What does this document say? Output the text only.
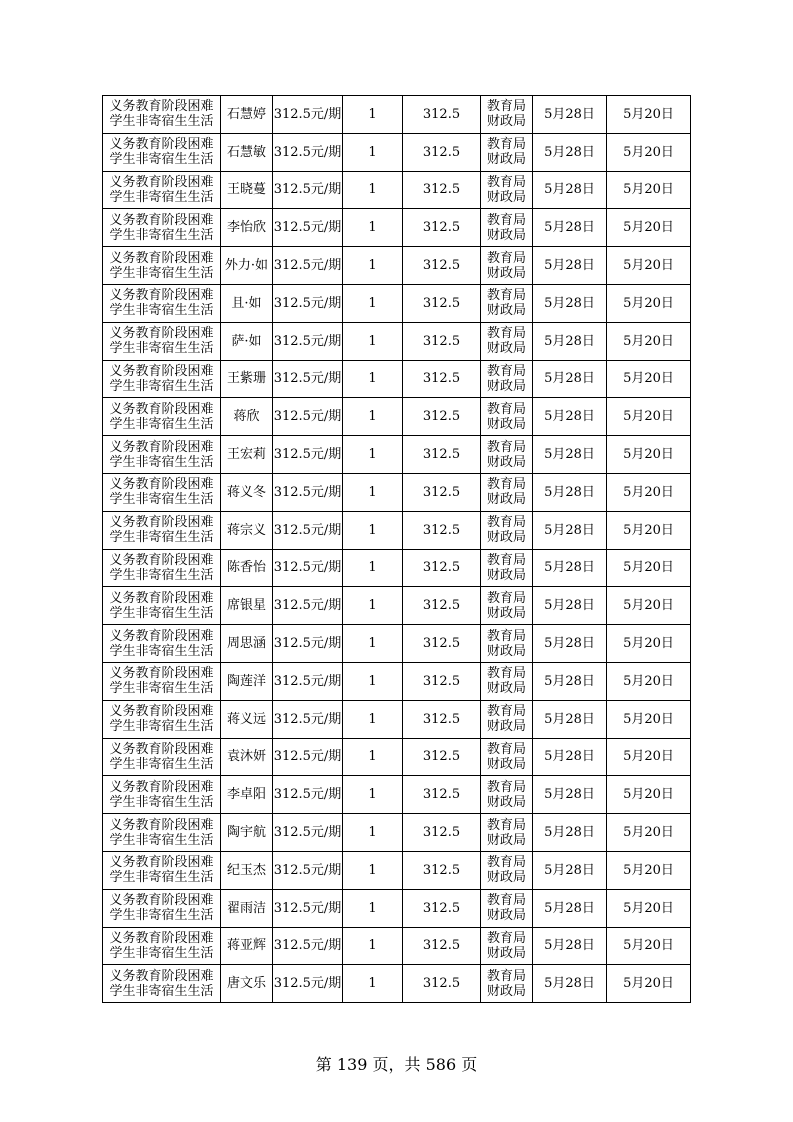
义务教育阶段困难
学生非寄宿生生活	石慧婷	312.5元/期	1	312.5	教育局
财政局	5月28日	5月20日

义务教育阶段困难
学生非寄宿生生活	石慧敏	312.5元/期	1	312.5	教育局
财政局	5月28日	5月20日

义务教育阶段困难
学生非寄宿生生活	王晓蔓	312.5元/期	1	312.5	教育局
财政局	5月28日	5月20日

义务教育阶段困难
学生非寄宿生生活	李怡欣	312.5元/期	1	312.5	教育局
财政局	5月28日	5月20日

义务教育阶段困难
学生非寄宿生生活	外力·如	312.5元/期	1	312.5	教育局
财政局	5月28日	5月20日

义务教育阶段困难
学生非寄宿生生活	且·如	312.5元/期	1	312.5	教育局
财政局	5月28日	5月20日

义务教育阶段困难
学生非寄宿生生活	萨·如	312.5元/期	1	312.5	教育局
财政局	5月28日	5月20日

义务教育阶段困难
学生非寄宿生生活	王紫珊	312.5元/期	1	312.5	教育局
财政局	5月28日	5月20日

义务教育阶段困难
学生非寄宿生生活	蒋欣	312.5元/期	1	312.5	教育局
财政局	5月28日	5月20日

义务教育阶段困难
学生非寄宿生生活	王宏莉	312.5元/期	1	312.5	教育局
财政局	5月28日	5月20日

义务教育阶段困难
学生非寄宿生生活	蒋义冬	312.5元/期	1	312.5	教育局
财政局	5月28日	5月20日

义务教育阶段困难
学生非寄宿生生活	蒋宗义	312.5元/期	1	312.5	教育局
财政局	5月28日	5月20日

义务教育阶段困难
学生非寄宿生生活	陈香怡	312.5元/期	1	312.5	教育局
财政局	5月28日	5月20日

义务教育阶段困难
学生非寄宿生生活	席银星	312.5元/期	1	312.5	教育局
财政局	5月28日	5月20日

义务教育阶段困难
学生非寄宿生生活	周思涵	312.5元/期	1	312.5	教育局
财政局	5月28日	5月20日

义务教育阶段困难
学生非寄宿生生活	陶莲洋	312.5元/期	1	312.5	教育局
财政局	5月28日	5月20日

义务教育阶段困难
学生非寄宿生生活	蒋义远	312.5元/期	1	312.5	教育局
财政局	5月28日	5月20日

义务教育阶段困难
学生非寄宿生生活	袁沐妍	312.5元/期	1	312.5	教育局
财政局	5月28日	5月20日

义务教育阶段困难
学生非寄宿生生活	李卓阳	312.5元/期	1	312.5	教育局
财政局	5月28日	5月20日

义务教育阶段困难
学生非寄宿生生活	陶宇航	312.5元/期	1	312.5	教育局
财政局	5月28日	5月20日

义务教育阶段困难
学生非寄宿生生活	纪玉杰	312.5元/期	1	312.5	教育局
财政局	5月28日	5月20日

义务教育阶段困难
学生非寄宿生生活	翟雨洁	312.5元/期	1	312.5	教育局
财政局	5月28日	5月20日

义务教育阶段困难
学生非寄宿生生活	蒋亚辉	312.5元/期	1	312.5	教育局
财政局	5月28日	5月20日

义务教育阶段困难
学生非寄宿生生活	唐文乐	312.5元/期	1	312.5	教育局
财政局	5月28日	5月20日
第 139 页，共 586 页
